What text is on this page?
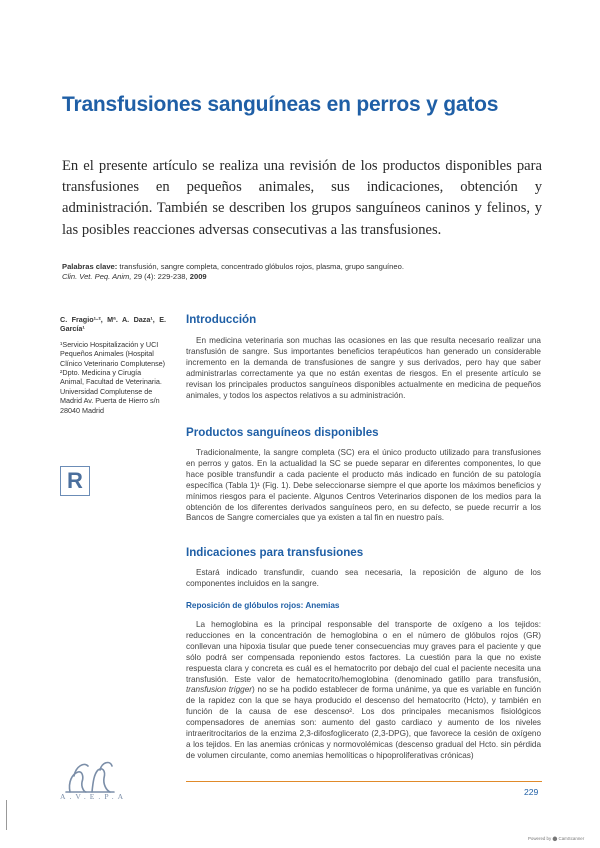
Transfusiones sanguíneas en perros y gatos
En el presente artículo se realiza una revisión de los productos disponibles para transfusiones en pequeños animales, sus indicaciones, obtención y administración. También se describen los grupos sanguíneos caninos y felinos, y las posibles reacciones adversas consecutivas a las transfusiones.
Palabras clave: transfusión, sangre completa, concentrado glóbulos rojos, plasma, grupo sanguíneo.
Clin. Vet. Peq. Anim, 29 (4): 229-238, 2009
C. Fragio¹·², Mª. A. Daza¹, E. García¹

¹Servicio Hospitalización y UCI Pequeños Animales (Hospital Clínico Veterinario Complutense)

²Dpto. Medicina y Cirugía Animal, Facultad de Veterinaria. Universidad Complutense de Madrid Av. Puerta de Hierro s/n 28040 Madrid

R
Introducción
En medicina veterinaria son muchas las ocasiones en las que resulta necesario realizar una transfusión de sangre. Sus importantes beneficios terapéuticos han generado un considerable incremento en la demanda de transfusiones de sangre y sus derivados, pero hay que saber administrarlas correctamente ya que no están exentas de riesgos. En el presente artículo se revisan los principales productos sanguíneos disponibles actualmente en medicina de pequeños animales, y todos los aspectos relativos a su administración.
Productos sanguíneos disponibles
Tradicionalmente, la sangre completa (SC) era el único producto utilizado para transfusiones en perros y gatos. En la actualidad la SC se puede separar en diferentes componentes, lo que hace posible transfundir a cada paciente el producto más indicado en función de su patología específica (Tabla 1)¹ (Fig. 1). Debe seleccionarse siempre el que aporte los máximos beneficios y mínimos riesgos para el paciente. Algunos Centros Veterinarios disponen de los medios para la obtención de los diferentes derivados sanguíneos pero, en su defecto, se puede recurrir a los Bancos de Sangre comerciales que ya existen a tal fin en nuestro país.
Indicaciones para transfusiones
Estará indicado transfundir, cuando sea necesaria, la reposición de alguno de los componentes incluidos en la sangre.
Reposición de glóbulos rojos: Anemias
La hemoglobina es la principal responsable del transporte de oxígeno a los tejidos: reducciones en la concentración de hemoglobina o en el número de glóbulos rojos (GR) conllevan una hipoxia tisular que puede tener consecuencias muy graves para el paciente y que sólo podrá ser compensada reponiendo estos factores. La cuestión para la que no existe respuesta clara y concreta es cuál es el hematocrito por debajo del cual el paciente necesita una transfusión. Este valor de hematocrito/hemoglobina (denominado gatillo para transfusión, transfusion trigger) no se ha podido establecer de forma unánime, ya que es variable en función de la rapidez con la que se haya producido el descenso del hematocrito (Hcto), y también en función de la causa de ese descenso². Los dos principales mecanismos fisiológicos compensadores de anemias son: aumento del gasto cardiaco y aumento de los niveles intraeritrocitarios de la enzima 2,3-difosfoglicerato (2,3-DPG), que favorece la cesión de oxígeno a los tejidos. En las anemias crónicas y normovolémicas (descenso gradual del Hcto. sin pérdida de volumen circulante, como anemias hemolíticas o hipoproliferativas crónicas)
A.V.E.P.A	229
Powered by ⬤ CamScanner
